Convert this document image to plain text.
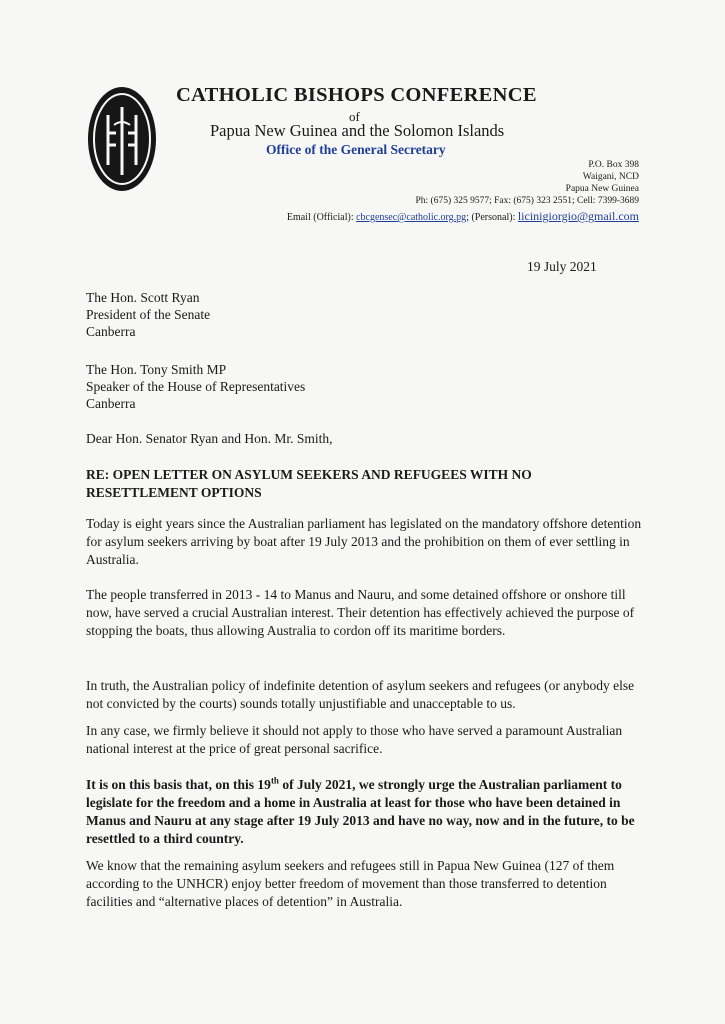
CATHOLIC BISHOPS CONFERENCE
of
Papua New Guinea and the Solomon Islands
Office of the General Secretary
P.O. Box 398
Waigani, NCD
Papua New Guinea
Ph: (675) 325 9577; Fax: (675) 323 2551; Cell: 7399-3689
Email (Official): cbcgensec@catholic.org.pg; (Personal): licinigiorgio@gmail.com
19 July 2021
The Hon. Scott Ryan
President of the Senate
Canberra
The Hon. Tony Smith MP
Speaker of the House of Representatives
Canberra
Dear Hon. Senator Ryan and Hon. Mr. Smith,
RE: OPEN LETTER ON ASYLUM SEEKERS AND REFUGEES WITH NO RESETTLEMENT OPTIONS

Today is eight years since the Australian parliament has legislated on the mandatory offshore detention for asylum seekers arriving by boat after 19 July 2013 and the prohibition on them of ever settling in Australia.

The people transferred in 2013 - 14 to Manus and Nauru, and some detained offshore or onshore till now, have served a crucial Australian interest. Their detention has effectively achieved the purpose of stopping the boats, thus allowing Australia to cordon off its maritime borders.

In truth, the Australian policy of indefinite detention of asylum seekers and refugees (or anybody else not convicted by the courts) sounds totally unjustifiable and unacceptable to us.

In any case, we firmly believe it should not apply to those who have served a paramount Australian national interest at the price of great personal sacrifice.

It is on this basis that, on this 19th of July 2021, we strongly urge the Australian parliament to legislate for the freedom and a home in Australia at least for those who have been detained in Manus and Nauru at any stage after 19 July 2013 and have no way, now and in the future, to be resettled to a third country.

We know that the remaining asylum seekers and refugees still in Papua New Guinea (127 of them according to the UNHCR) enjoy better freedom of movement than those transferred to detention facilities and “alternative places of detention” in Australia.
